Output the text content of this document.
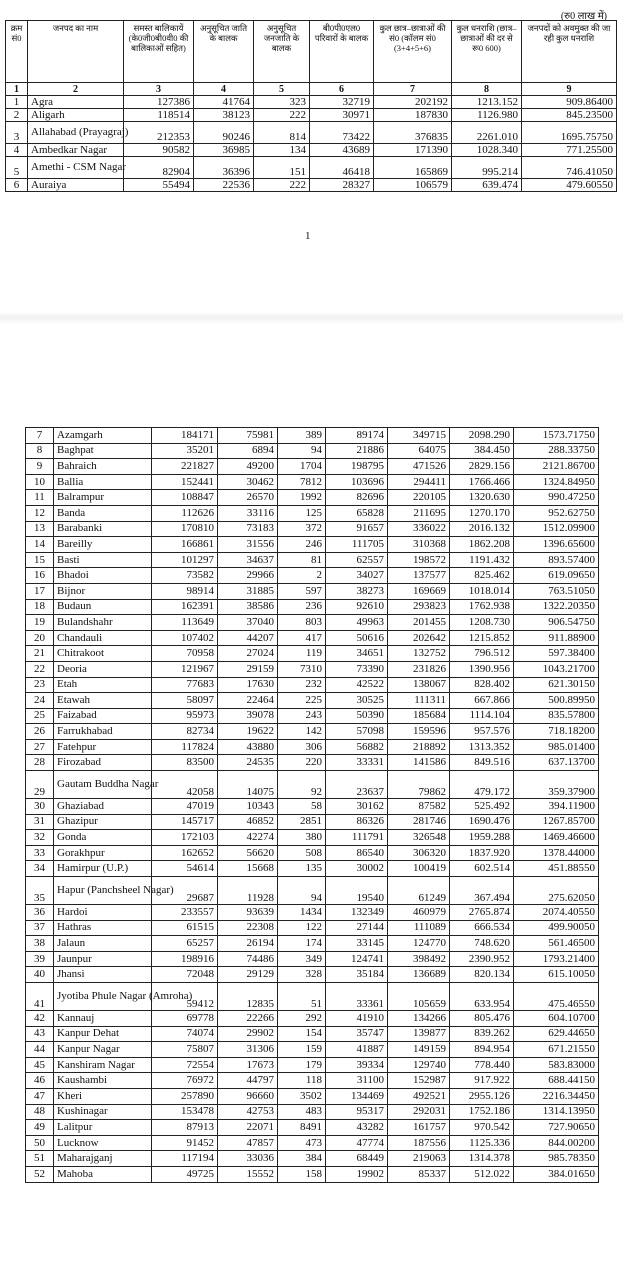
(रु0 लाख में)
क्रम सं0	जनपद का नाम	समस्त बालिकायें (के0जी0बी0वी0 की बालिकाओं सहित)	अनुसूचित जाति के बालक	अनुसूचित जनजाति के बालक	बी0पी0एल0 परिवारों के बालक	कुल छात्र–छात्राओं की सं0 (कॉलम सं0 (3+4+5+6)	कुल धनराशि (छात्र–छात्राओं की दर से रू0 600)	जनपदों को अवमुक्त की जा रही कुल धनराशि
1	2	3	4	5	6	7	8	9
1	Agra	127386	41764	323	32719	202192	1213.152	909.86400
2	Aligarh	118514	38123	222	30971	187830	1126.980	845.23500
3	Allahabad (Prayagraj)	212353	90246	814	73422	376835	2261.010	1695.75750
4	Ambedkar Nagar	90582	36985	134	43689	171390	1028.340	771.25500
5	Amethi - CSM Nagar	82904	36396	151	46418	165869	995.214	746.41050
6	Auraiya	55494	22536	222	28327	106579	639.474	479.60550
1
7	Azamgarh	184171	75981	389	89174	349715	2098.290	1573.71750
8	Baghpat	35201	6894	94	21886	64075	384.450	288.33750
9	Bahraich	221827	49200	1704	198795	471526	2829.156	2121.86700
10	Ballia	152441	30462	7812	103696	294411	1766.466	1324.84950
11	Balrampur	108847	26570	1992	82696	220105	1320.630	990.47250
12	Banda	112626	33116	125	65828	211695	1270.170	952.62750
13	Barabanki	170810	73183	372	91657	336022	2016.132	1512.09900
14	Bareilly	166861	31556	246	111705	310368	1862.208	1396.65600
15	Basti	101297	34637	81	62557	198572	1191.432	893.57400
16	Bhadoi	73582	29966	2	34027	137577	825.462	619.09650
17	Bijnor	98914	31885	597	38273	169669	1018.014	763.51050
18	Budaun	162391	38586	236	92610	293823	1762.938	1322.20350
19	Bulandshahr	113649	37040	803	49963	201455	1208.730	906.54750
20	Chandauli	107402	44207	417	50616	202642	1215.852	911.88900
21	Chitrakoot	70958	27024	119	34651	132752	796.512	597.38400
22	Deoria	121967	29159	7310	73390	231826	1390.956	1043.21700
23	Etah	77683	17630	232	42522	138067	828.402	621.30150
24	Etawah	58097	22464	225	30525	111311	667.866	500.89950
25	Faizabad	95973	39078	243	50390	185684	1114.104	835.57800
26	Farrukhabad	82734	19622	142	57098	159596	957.576	718.18200
27	Fatehpur	117824	43880	306	56882	218892	1313.352	985.01400
28	Firozabad	83500	24535	220	33331	141586	849.516	637.13700
29	Gautam Buddha Nagar	42058	14075	92	23637	79862	479.172	359.37900
30	Ghaziabad	47019	10343	58	30162	87582	525.492	394.11900
31	Ghazipur	145717	46852	2851	86326	281746	1690.476	1267.85700
32	Gonda	172103	42274	380	111791	326548	1959.288	1469.46600
33	Gorakhpur	162652	56620	508	86540	306320	1837.920	1378.44000
34	Hamirpur (U.P.)	54614	15668	135	30002	100419	602.514	451.88550
35	Hapur (Panchsheel Nagar)	29687	11928	94	19540	61249	367.494	275.62050
36	Hardoi	233557	93639	1434	132349	460979	2765.874	2074.40550
37	Hathras	61515	22308	122	27144	111089	666.534	499.90050
38	Jalaun	65257	26194	174	33145	124770	748.620	561.46500
39	Jaunpur	198916	74486	349	124741	398492	2390.952	1793.21400
40	Jhansi	72048	29129	328	35184	136689	820.134	615.10050
41	Jyotiba Phule Nagar (Amroha)	59412	12835	51	33361	105659	633.954	475.46550
42	Kannauj	69778	22266	292	41910	134266	805.476	604.10700
43	Kanpur Dehat	74074	29902	154	35747	139877	839.262	629.44650
44	Kanpur Nagar	75807	31306	159	41887	149159	894.954	671.21550
45	Kanshiram Nagar	72554	17673	179	39334	129740	778.440	583.83000
46	Kaushambi	76972	44797	118	31100	152987	917.922	688.44150
47	Kheri	257890	96660	3502	134469	492521	2955.126	2216.34450
48	Kushinagar	153478	42753	483	95317	292031	1752.186	1314.13950
49	Lalitpur	87913	22071	8491	43282	161757	970.542	727.90650
50	Lucknow	91452	47857	473	47774	187556	1125.336	844.00200
51	Maharajganj	117194	33036	384	68449	219063	1314.378	985.78350
52	Mahoba	49725	15552	158	19902	85337	512.022	384.01650
